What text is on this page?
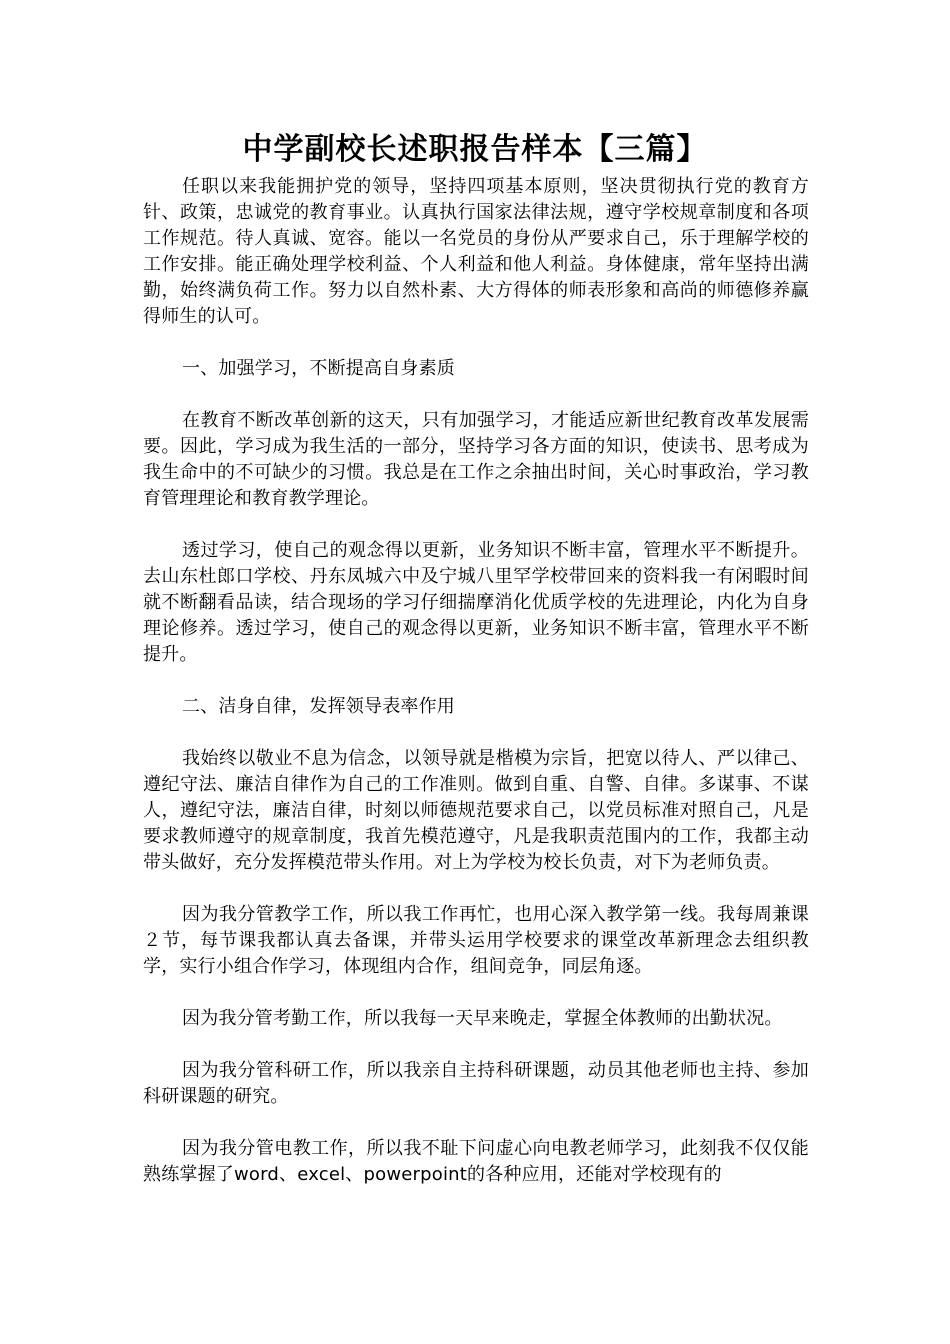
中学副校长述职报告样本【三篇】

任职以来我能拥护党的领导，坚持四项基本原则，坚决贯彻执行党的教育方针、政策，忠诚党的教育事业。认真执行国家法律法规，遵守学校规章制度和各项工作规范。待人真诚、宽容。能以一名党员的身份从严要求自己，乐于理解学校的工作安排。能正确处理学校利益、个人利益和他人利益。身体健康，常年坚持出满勤，始终满负荷工作。努力以自然朴素、大方得体的师表形象和高尚的师德修养赢得师生的认可。

一、加强学习，不断提高自身素质

在教育不断改革创新的这天，只有加强学习，才能适应新世纪教育改革发展需要。因此，学习成为我生活的一部分，坚持学习各方面的知识，使读书、思考成为我生命中的不可缺少的习惯。我总是在工作之余抽出时间，关心时事政治，学习教育管理理论和教育教学理论。

透过学习，使自己的观念得以更新，业务知识不断丰富，管理水平不断提升。去山东杜郎口学校、丹东凤城六中及宁城八里罕学校带回来的资料我一有闲暇时间就不断翻看品读，结合现场的学习仔细揣摩消化优质学校的先进理论，内化为自身理论修养。透过学习，使自己的观念得以更新，业务知识不断丰富，管理水平不断提升。

二、洁身自律，发挥领导表率作用

我始终以敬业不息为信念，以领导就是楷模为宗旨，把宽以待人、严以律己、遵纪守法、廉洁自律作为自己的工作准则。做到自重、自警、自律。多谋事、不谋人，遵纪守法，廉洁自律，时刻以师德规范要求自己，以党员标准对照自己，凡是要求教师遵守的规章制度，我首先模范遵守，凡是我职责范围内的工作，我都主动带头做好，充分发挥模范带头作用。对上为学校为校长负责，对下为老师负责。

因为我分管教学工作，所以我工作再忙，也用心深入教学第一线。我每周兼课２节，每节课我都认真去备课，并带头运用学校要求的课堂改革新理念去组织教学，实行小组合作学习，体现组内合作，组间竞争，同层角逐。

因为我分管考勤工作，所以我每一天早来晚走，掌握全体教师的出勤状况。

因为我分管科研工作，所以我亲自主持科研课题，动员其他老师也主持、参加科研课题的研究。

因为我分管电教工作，所以我不耻下问虚心向电教老师学习，此刻我不仅仅能熟练掌握了word、excel、powerpoint的各种应用，还能对学校现有的
